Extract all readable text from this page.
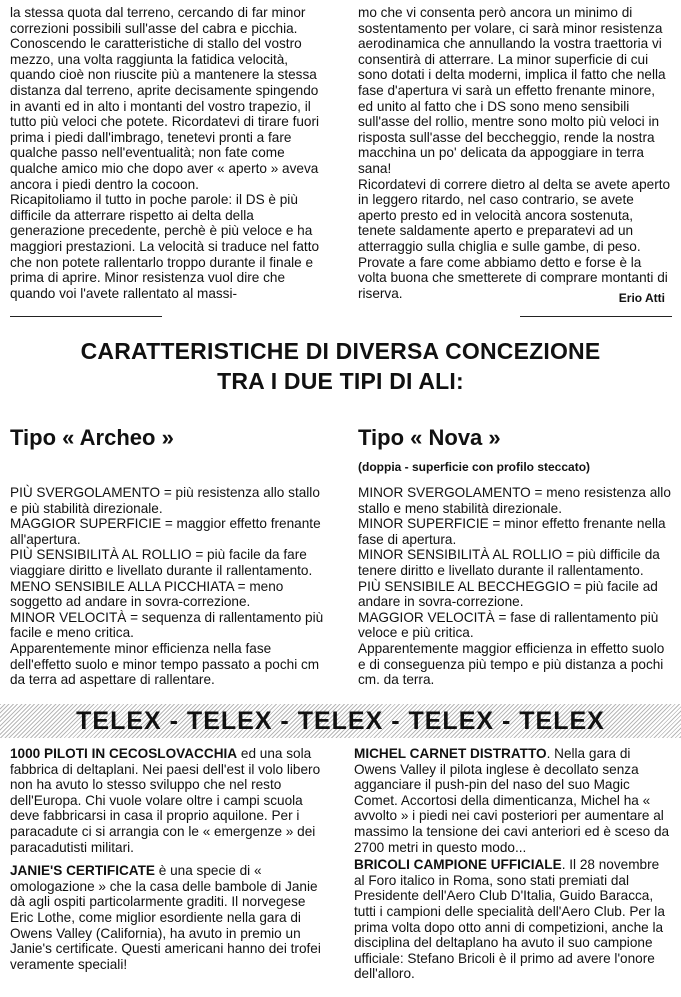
la stessa quota dal terreno, cercando di far minor correzioni possibili sull'asse del cabra e picchia. Conoscendo le caratteristiche di stallo del vostro mezzo, una volta raggiunta la fatidica velocità, quando cioè non riuscite più a mantenere la stessa distanza dal terreno, aprite decisamente spingendo in avanti ed in alto i montanti del vostro trapezio, il tutto più veloci che potete. Ricordatevi di tirare fuori prima i piedi dall'imbrago, tenetevi pronti a fare qualche passo nell'eventualità; non fate come qualche amico mio che dopo aver « aperto » aveva ancora i piedi dentro la cocoon.

Ricapitoliamo il tutto in poche parole: il DS è più difficile da atterrare rispetto ai delta della generazione precedente, perchè è più veloce e ha maggiori prestazioni. La velocità si traduce nel fatto che non potete rallentarlo troppo durante il finale e prima di aprire. Minor resistenza vuol dire che quando voi l'avete rallentato al massi-

mo che vi consenta però ancora un minimo di sostentamento per volare, ci sarà minor resistenza aerodinamica che annullando la vostra traettoria vi consentirà di atterrare. La minor superficie di cui sono dotati i delta moderni, implica il fatto che nella fase d'apertura vi sarà un effetto frenante minore, ed unito al fatto che i DS sono meno sensibili sull'asse del rollio, mentre sono molto più veloci in risposta sull'asse del beccheggio, rende la nostra macchina un po' delicata da appoggiare in terra sana!

Ricordatevi di correre dietro al delta se avete aperto in leggero ritardo, nel caso contrario, se avete aperto presto ed in velocità ancora sostenuta, tenete saldamente aperto e preparatevi ad un atterraggio sulla chiglia e sulle gambe, di peso. Provate a fare come abbiamo detto e forse è la volta buona che smetterete di comprare montanti di riserva.	Erio Atti
CARATTERISTICHE DI DIVERSA CONCEZIONE
TRA I DUE TIPI DI ALI:
Tipo « Archeo »
PIÙ SVERGOLAMENTO = più resistenza allo stallo e più stabilità direzionale.
MAGGIOR SUPERFICIE = maggior effetto frenante all'apertura.
PIÙ SENSIBILITÀ AL ROLLIO = più facile da fare viaggiare diritto e livellato durante il rallentamento.
MENO SENSIBILE ALLA PICCHIATA = meno soggetto ad andare in sovra-correzione.
MINOR VELOCITÀ = sequenza di rallentamento più facile e meno critica.
Apparentemente minor efficienza nella fase dell'effetto suolo e minor tempo passato a pochi cm da terra ad aspettare di rallentare.
Tipo « Nova »
(doppia - superficie con profilo steccato)
MINOR SVERGOLAMENTO = meno resistenza allo stallo e meno stabilità direzionale.
MINOR SUPERFICIE = minor effetto frenante nella fase di apertura.
MINOR SENSIBILITÀ AL ROLLIO = più difficile da tenere diritto e livellato durante il rallentamento.
PIÙ SENSIBILE AL BECCHEGGIO = più facile ad andare in sovra-correzione.
MAGGIOR VELOCITÀ = fase di rallentamento più veloce e più critica.
Apparentemente maggior efficienza in effetto suolo e di conseguenza più tempo e più distanza a pochi cm. da terra.
TELEX - TELEX - TELEX - TELEX - TELEX

1000 PILOTI IN CECOSLOVACCHIA ed una sola fabbrica di deltaplani. Nei paesi dell'est il volo libero non ha avuto lo stesso sviluppo che nel resto dell'Europa. Chi vuole volare oltre i campi scuola deve fabbricarsi in casa il proprio aquilone. Per i paracadute ci si arrangia con le « emergenze » dei paracadutisti militari.

JANIE'S CERTIFICATE è una specie di « omologazione » che la casa delle bambole di Janie dà agli ospiti particolarmente graditi. Il norvegese Eric Lothe, come miglior esordiente nella gara di Owens Valley (California), ha avuto in premio un Janie's certificate. Questi americani hanno dei trofei veramente speciali!

MICHEL CARNET DISTRATTO. Nella gara di Owens Valley il pilota inglese è decollato senza agganciare il push-pin del naso del suo Magic Comet. Accortosi della dimenticanza, Michel ha « avvolto » i piedi nei cavi posteriori per aumentare al massimo la tensione dei cavi anteriori ed è sceso da 2700 metri in questo modo...

BRICOLI CAMPIONE UFFICIALE. Il 28 novembre al Foro italico in Roma, sono stati premiati dal Presidente dell'Aero Club D'Italia, Guido Baracca, tutti i campioni delle specialità dell'Aero Club. Per la prima volta dopo otto anni di competizioni, anche la disciplina del deltaplano ha avuto il suo campione ufficiale: Stefano Bricoli è il primo ad avere l'onore dell'alloro.
